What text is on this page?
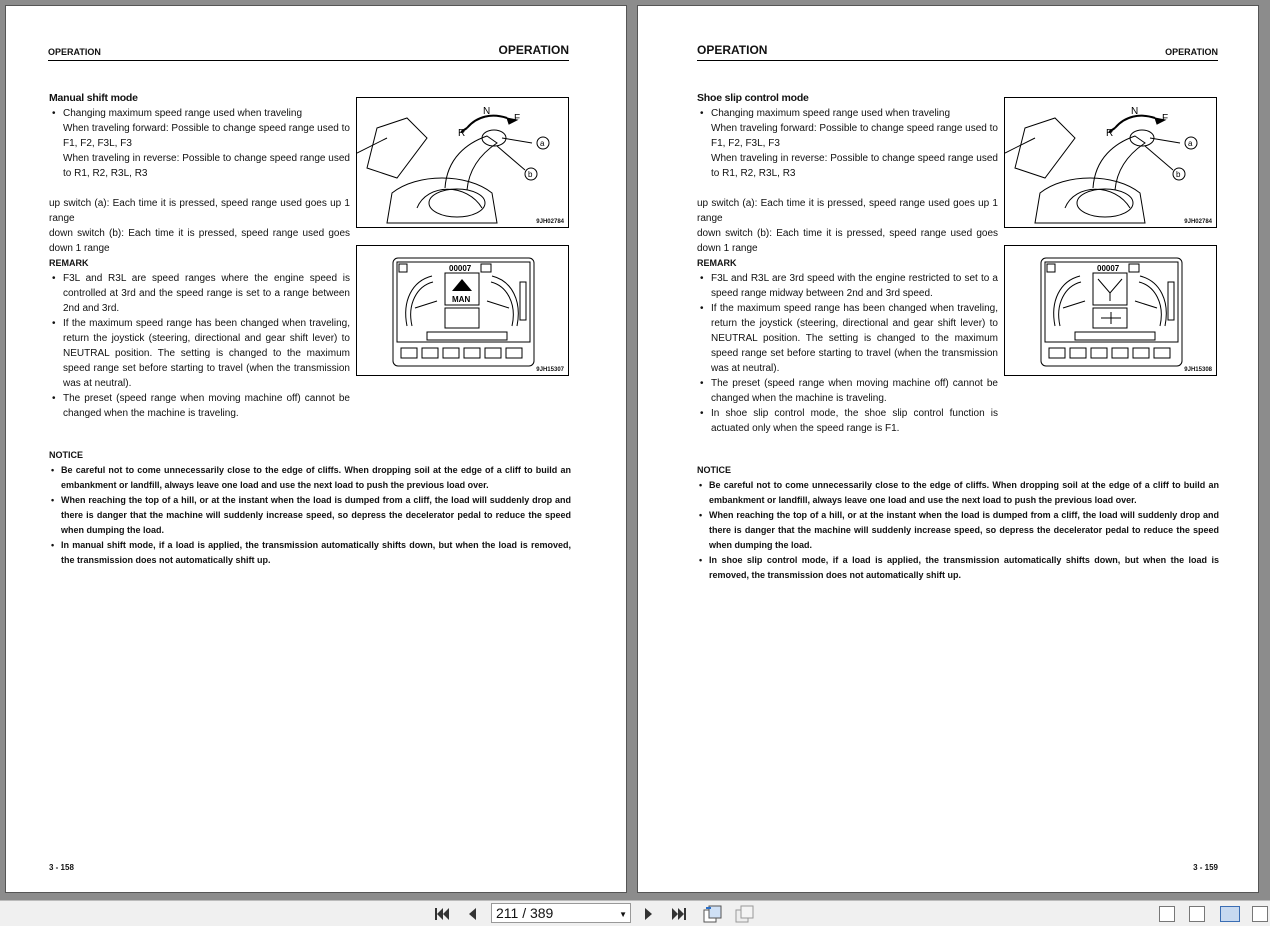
OPERATION	OPERATION
Manual shift mode

• Changing maximum speed range used when traveling

When traveling forward: Possible to change speed range used to F1, F2, F3L, F3

When traveling in reverse: Possible to change speed range used to R1, R2, R3L, R3

up switch (a): Each time it is pressed, speed range used goes up 1 range

down switch (b): Each time it is pressed, speed range used goes down 1 range

REMARK

• F3L and R3L are speed ranges where the engine speed is controlled at 3rd and the speed range is set to a range between 2nd and 3rd.

• If the maximum speed range has been changed when traveling, return the joystick (steering, directional and gear shift lever) to NEUTRAL position. The setting is changed to the maximum speed range set before starting to travel (when the transmission was at neutral).

• The preset (speed range when moving machine off) cannot be changed when the machine is traveling.

NOTICE

• Be careful not to come unnecessarily close to the edge of cliffs. When dropping soil at the edge of a cliff to build an embankment or landfill, always leave one load and use the next load to push the previous load over.

• When reaching the top of a hill, or at the instant when the load is dumped from a cliff, the load will suddenly drop and there is danger that the machine will suddenly increase speed, so depress the decelerator pedal to reduce the speed when dumping the load.

• In manual shift mode, if a load is applied, the transmission automatically shifts down, but when the load is removed, the transmission does not automatically shift up.

N
F
R
a
b
9JH02784
00007
MAN
9JH15307
3 - 158
OPERATION	OPERATION
Shoe slip control mode

• Changing maximum speed range used when traveling

When traveling forward: Possible to change speed range used to F1, F2, F3L, F3

When traveling in reverse: Possible to change speed range used to R1, R2, R3L, R3

up switch (a): Each time it is pressed, speed range used goes up 1 range

down switch (b): Each time it is pressed, speed range used goes down 1 range

REMARK

• F3L and R3L are 3rd speed with the engine restricted to set to a speed range midway between 2nd and 3rd speed.

• If the maximum speed range has been changed when traveling, return the joystick (steering, directional and gear shift lever) to NEUTRAL position. The setting is changed to the maximum speed range set before starting to travel (when the transmission was at neutral).

• The preset (speed range when moving machine off) cannot be changed when the machine is traveling.

• In shoe slip control mode, the shoe slip control function is actuated only when the speed range is F1.

NOTICE

• Be careful not to come unnecessarily close to the edge of cliffs. When dropping soil at the edge of a cliff to build an embankment or landfill, always leave one load and use the next load to push the previous load over.

• When reaching the top of a hill, or at the instant when the load is dumped from a cliff, the load will suddenly drop and there is danger that the machine will suddenly increase speed, so depress the decelerator pedal to reduce the speed when dumping the load.

• In shoe slip control mode, if a load is applied, the transmission automatically shifts down, but when the load is removed, the transmission does not automatically shift up.

N
F
R
a
b
9JH02784
00007
9JH15308
3 - 159
211 / 389	▼
